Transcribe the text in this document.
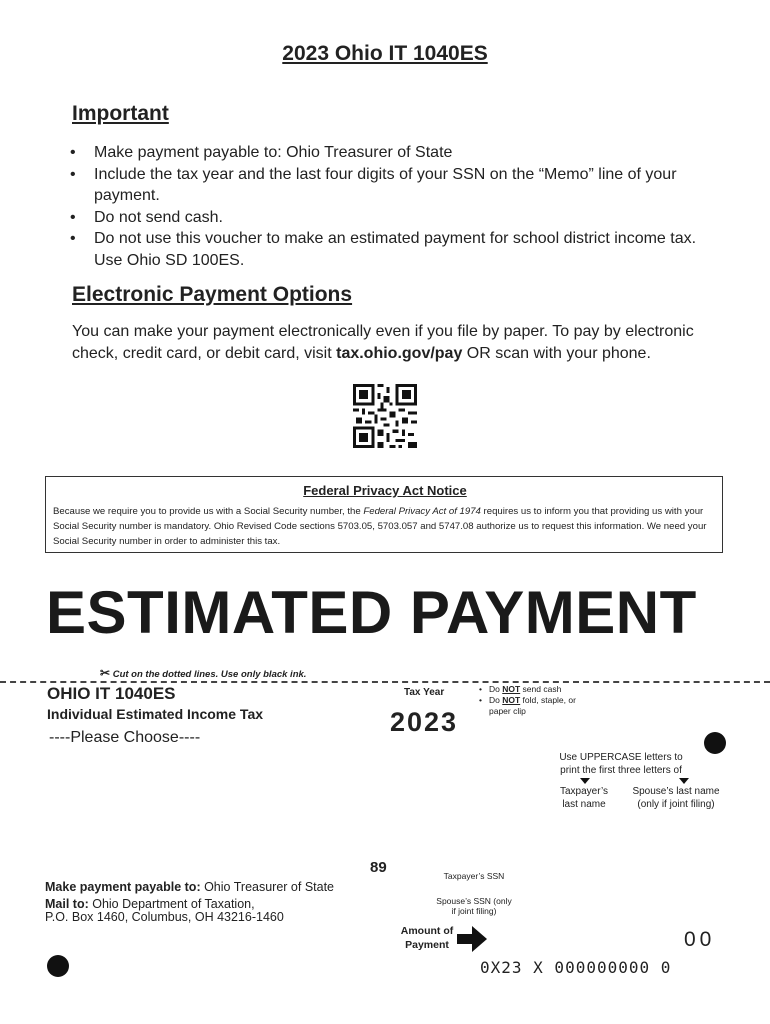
2023 Ohio IT 1040ES
Important
• Make payment payable to: Ohio Treasurer of State
• Include the tax year and the last four digits of your SSN on the “Memo” line of your payment.
• Do not send cash.
• Do not use this voucher to make an estimated payment for school district income tax. Use Ohio SD 100ES.
Electronic Payment Options
You can make your payment electronically even if you file by paper. To pay by electronic check, credit card, or debit card, visit tax.ohio.gov/pay OR scan with your phone.
Federal Privacy Act Notice
Because we require you to provide us with a Social Security number, the Federal Privacy Act of 1974 requires us to inform you that providing us with your Social Security number is mandatory. Ohio Revised Code sections 5703.05, 5703.057 and 5747.08 authorize us to request this information. We need your Social Security number in order to administer this tax.
ESTIMATED PAYMENT
✂ Cut on the dotted lines. Use only black ink.
OHIO IT 1040ES
Individual Estimated Income Tax
----Please Choose----
Tax Year
2023
• Do NOT send cash
• Do NOT fold, staple, or paper clip
Use UPPERCASE letters to print the first three letters of
Taxpayer’s last name
Spouse’s last name (only if joint filing)
89	Taxpayer’s SSN
Spouse’s SSN (only if joint filing)
Make payment payable to: Ohio Treasurer of State
Mail to: Ohio Department of Taxation,
P.O. Box 1460, Columbus, OH 43216-1460
Amount of Payment	00
0X23 X 000000000 0
